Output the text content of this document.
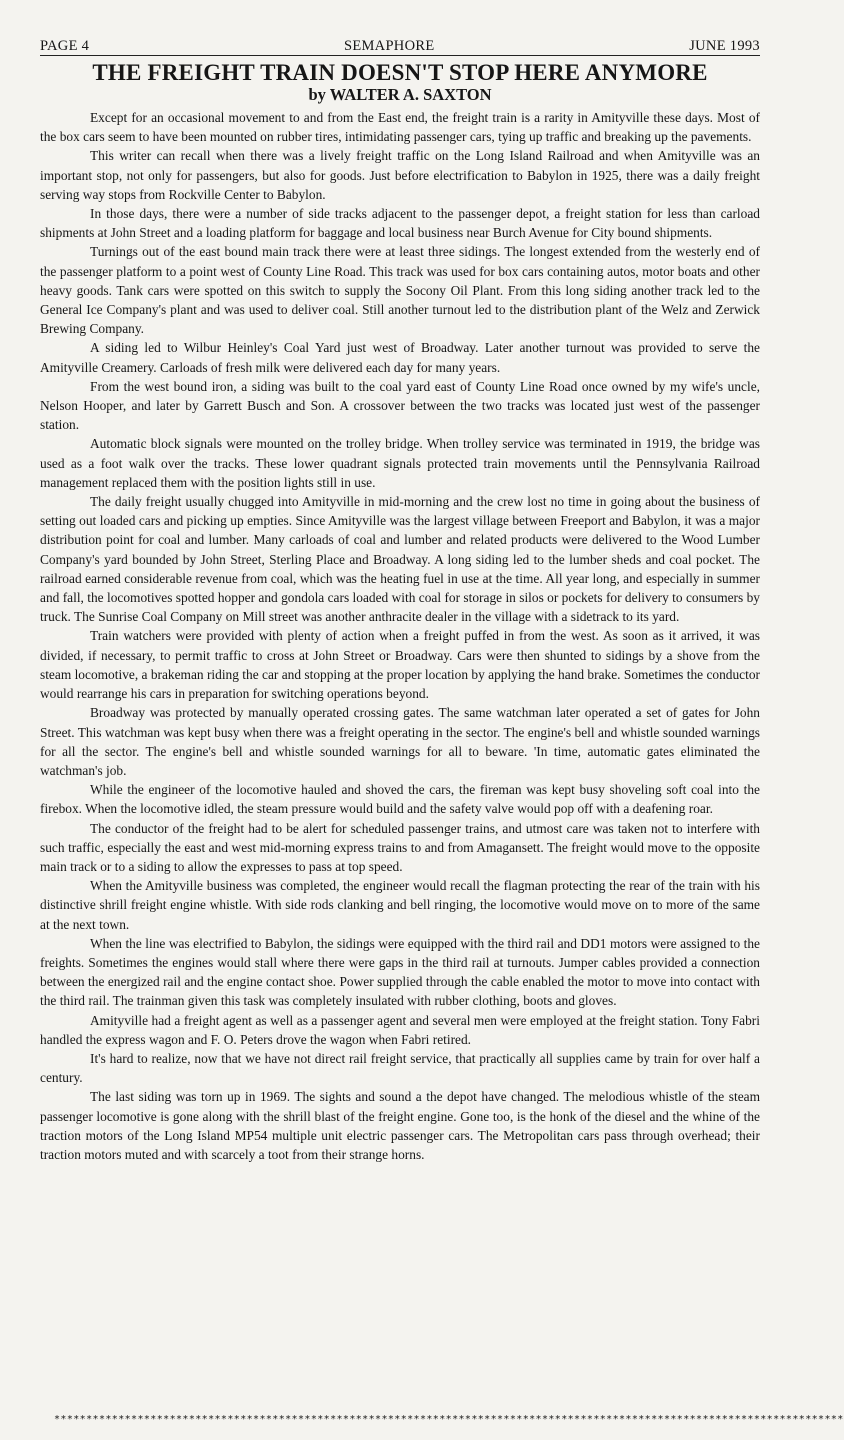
PAGE 4	SEMAPHORE	JUNE 1993
THE FREIGHT TRAIN DOESN'T STOP HERE ANYMORE
by WALTER A. SAXTON

Except for an occasional movement to and from the East end, the freight train is a rarity in Amityville these days. Most of the box cars seem to have been mounted on rubber tires, intimidating passenger cars, tying up traffic and breaking up the pavements.

This writer can recall when there was a lively freight traffic on the Long Island Railroad and when Amityville was an important stop, not only for passengers, but also for goods. Just before electrification to Babylon in 1925, there was a daily freight serving way stops from Rockville Center to Babylon.

In those days, there were a number of side tracks adjacent to the passenger depot, a freight station for less than carload shipments at John Street and a loading platform for baggage and local business near Burch Avenue for City bound shipments.

Turnings out of the east bound main track there were at least three sidings. The longest extended from the westerly end of the passenger platform to a point west of County Line Road. This track was used for box cars containing autos, motor boats and other heavy goods. Tank cars were spotted on this switch to supply the Socony Oil Plant. From this long siding another track led to the General Ice Company's plant and was used to deliver coal. Still another turnout led to the distribution plant of the Welz and Zerwick Brewing Company.

A siding led to Wilbur Heinley's Coal Yard just west of Broadway. Later another turnout was provided to serve the Amityville Creamery. Carloads of fresh milk were delivered each day for many years.

From the west bound iron, a siding was built to the coal yard east of County Line Road once owned by my wife's uncle, Nelson Hooper, and later by Garrett Busch and Son. A crossover between the two tracks was located just west of the passenger station.

Automatic block signals were mounted on the trolley bridge. When trolley service was terminated in 1919, the bridge was used as a foot walk over the tracks. These lower quadrant signals protected train movements until the Pennsylvania Railroad management replaced them with the position lights still in use.

The daily freight usually chugged into Amityville in mid-morning and the crew lost no time in going about the business of setting out loaded cars and picking up empties. Since Amityville was the largest village between Freeport and Babylon, it was a major distribution point for coal and lumber. Many carloads of coal and lumber and related products were delivered to the Wood Lumber Company's yard bounded by John Street, Sterling Place and Broadway. A long siding led to the lumber sheds and coal pocket. The railroad earned considerable revenue from coal, which was the heating fuel in use at the time. All year long, and especially in summer and fall, the locomotives spotted hopper and gondola cars loaded with coal for storage in silos or pockets for delivery to consumers by truck. The Sunrise Coal Company on Mill street was another anthracite dealer in the village with a sidetrack to its yard.

Train watchers were provided with plenty of action when a freight puffed in from the west. As soon as it arrived, it was divided, if necessary, to permit traffic to cross at John Street or Broadway. Cars were then shunted to sidings by a shove from the steam locomotive, a brakeman riding the car and stopping at the proper location by applying the hand brake. Sometimes the conductor would rearrange his cars in preparation for switching operations beyond.

Broadway was protected by manually operated crossing gates. The same watchman later operated a set of gates for John Street. This watchman was kept busy when there was a freight operating in the sector. The engine's bell and whistle sounded warnings for all the sector. The engine's bell and whistle sounded warnings for all to beware. 'In time, automatic gates eliminated the watchman's job.

While the engineer of the locomotive hauled and shoved the cars, the fireman was kept busy shoveling soft coal into the firebox. When the locomotive idled, the steam pressure would build and the safety valve would pop off with a deafening roar.

The conductor of the freight had to be alert for scheduled passenger trains, and utmost care was taken not to interfere with such traffic, especially the east and west mid-morning express trains to and from Amagansett. The freight would move to the opposite main track or to a siding to allow the expresses to pass at top speed.

When the Amityville business was completed, the engineer would recall the flagman protecting the rear of the train with his distinctive shrill freight engine whistle. With side rods clanking and bell ringing, the locomotive would move on to more of the same at the next town.

When the line was electrified to Babylon, the sidings were equipped with the third rail and DD1 motors were assigned to the freights. Sometimes the engines would stall where there were gaps in the third rail at turnouts. Jumper cables provided a connection between the energized rail and the engine contact shoe. Power supplied through the cable enabled the motor to move into contact with the third rail. The trainman given this task was completely insulated with rubber clothing, boots and gloves.

Amityville had a freight agent as well as a passenger agent and several men were employed at the freight station. Tony Fabri handled the express wagon and F. O. Peters drove the wagon when Fabri retired.

It's hard to realize, now that we have not direct rail freight service, that practically all supplies came by train for over half a century.

The last siding was torn up in 1969. The sights and sound a the depot have changed. The melodious whistle of the steam passenger locomotive is gone along with the shrill blast of the freight engine. Gone too, is the honk of the diesel and the whine of the traction motors of the Long Island MP54 multiple unit electric passenger cars. The Metropolitan cars pass through overhead; their traction motors muted and with scarcely a toot from their strange horns.

***************************************************************************************************************************
